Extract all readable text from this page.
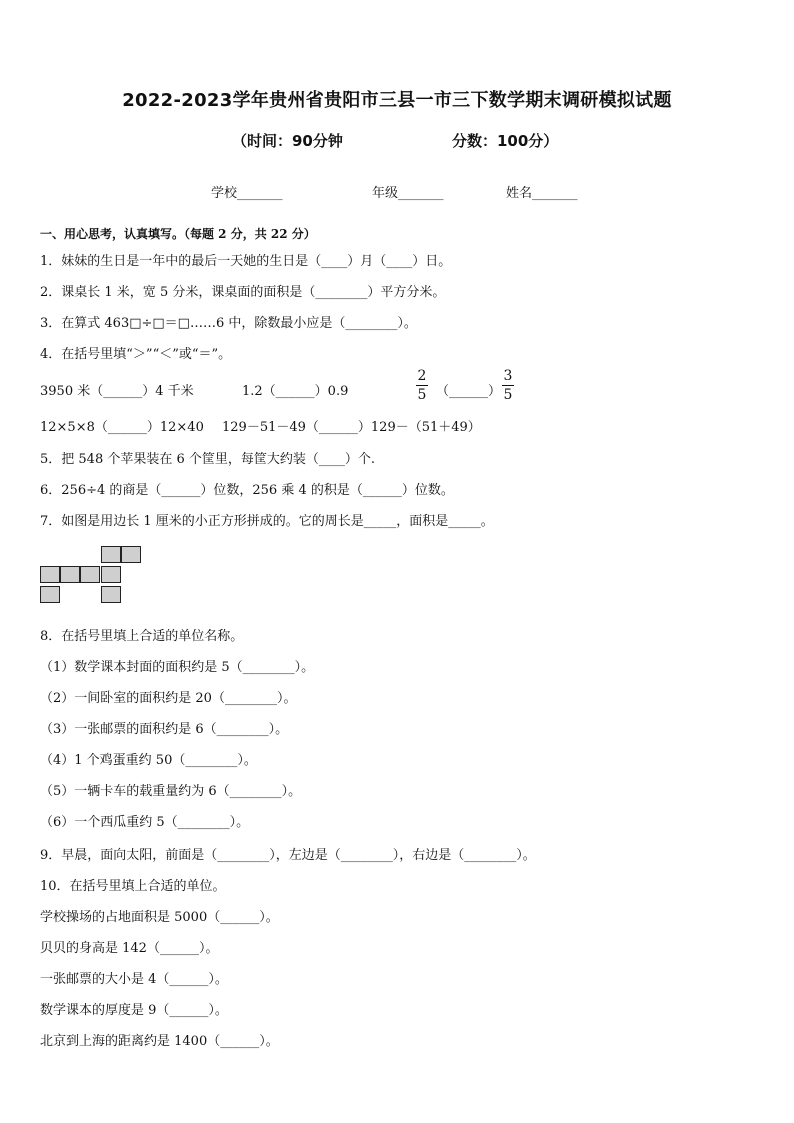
2022-2023学年贵州省贵阳市三县一市三下数学期末调研模拟试题
（时间：90分钟	分数：100分）
学校_______	年级_______	姓名_______
一、用心思考，认真填写。（每题 2 分，共 22 分）
1．妹妹的生日是一年中的最后一天她的生日是（____）月（____）日。
2．课桌长 1 米，宽 5 分米，课桌面的面积是（________）平方分米。
3．在算式 463□÷□＝□……6 中，除数最小应是（________）。
4．在括号里填“＞”“＜”或“＝”。
3950 米（______）4 千米	1.2（______）0.9
2
5 （______）
3
5
12×5×8（______）12×40 129－51－49（______）129－（51＋49）
5．把 548 个苹果装在 6 个筐里，每筐大约装（____）个.
6．256÷4 的商是（______）位数，256 乘 4 的积是（______）位数。
7．如图是用边长 1 厘米的小正方形拼成的。它的周长是_____，面积是_____。
8．在括号里填上合适的单位名称。
（1）数学课本封面的面积约是 5（________）。
（2）一间卧室的面积约是 20（________）。
（3）一张邮票的面积约是 6（________）。
（4）1 个鸡蛋重约 50（________）。
（5）一辆卡车的载重量约为 6（________）。
（6）一个西瓜重约 5（________）。
9．早晨，面向太阳，前面是（________），左边是（________），右边是（________）。
10．在括号里填上合适的单位。
学校操场的占地面积是 5000（______）。
贝贝的身高是 142（______）。
一张邮票的大小是 4（______）。
数学课本的厚度是 9（______）。
北京到上海的距离约是 1400（______）。
